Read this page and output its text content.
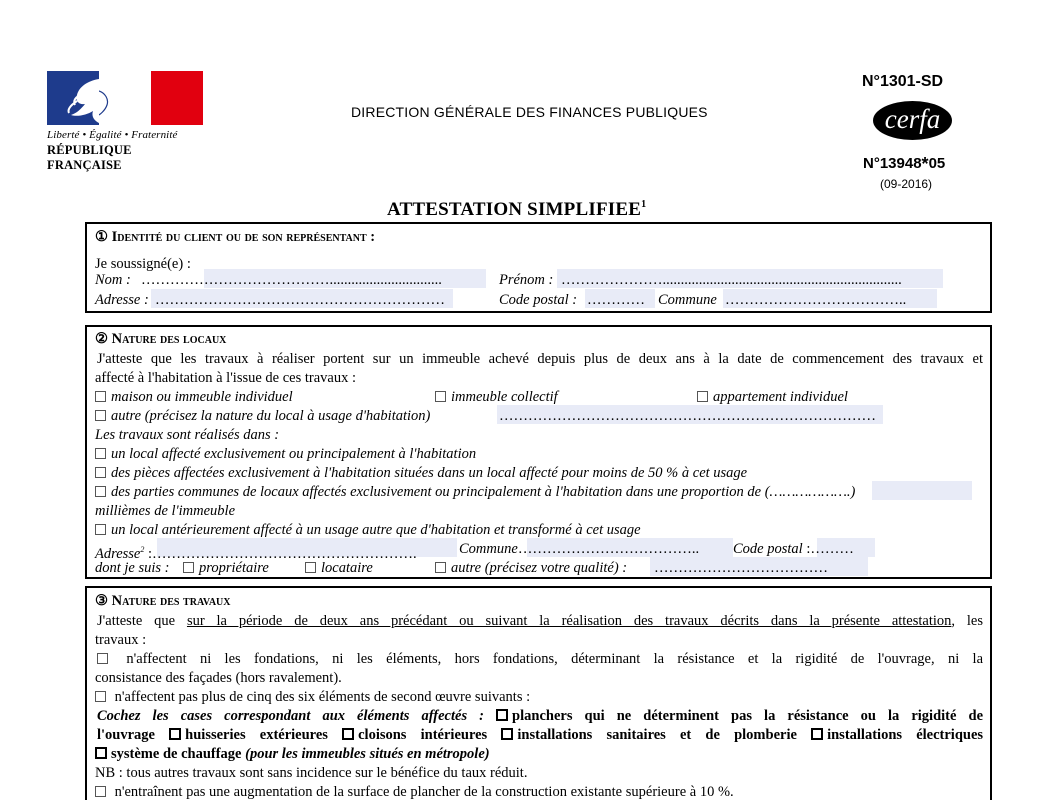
Liberté • Égalité • Fraternité
RÉPUBLIQUE FRANÇAISE
DIRECTION GÉNÉRALE DES FINANCES PUBLIQUES
N°1301-SD
cerfa
N°13948*05
(09-2016)
ATTESTATION SIMPLIFIEE$^1$
① Identité du client ou de son représentant :
Je soussigné(e) :
Nom : …………………………………...............................	Prénom : …………………..................................................................
Adresse : ……………………………………………………	Code postal : ………… Commune ………………………………..
② Nature des locaux
J'atteste que les travaux à réaliser portent sur un immeuble achevé depuis plus de deux ans à la date de commencement des travaux et
affecté à l'habitation à l'issue de ces travaux :
maison ou immeuble individuel	immeuble collectif	appartement individuel
autre (précisez la nature du local à usage d'habitation)	……………………………………………………………………
Les travaux sont réalisés dans :
un local affecté exclusivement ou principalement à l'habitation
des pièces affectées exclusivement à l'habitation situées dans un local affecté pour moins de 50 % à cet usage
des parties communes de locaux affectés exclusivement ou principalement à l'habitation dans une proportion de (……………….)
millièmes de l'immeuble
un local antérieurement affecté à un usage autre que d'habitation et transformé à cet usage
Adresse$^2$ :……………………………………………….	Commune……………………………….. Code postal :………
dont je suis :	propriétaire	locataire	autre (précisez votre qualité) : ………………………………
③ Nature des travaux
J'atteste que sur la période de deux ans précédant ou suivant la réalisation des travaux décrits dans la présente attestation, les
travaux :
n'affectent ni les fondations, ni les éléments, hors fondations, déterminant la résistance et la rigidité de l'ouvrage, ni la
consistance des façades (hors ravalement).
n'affectent pas plus de cinq des six éléments de second œuvre suivants :
Cochez les cases correspondant aux éléments affectés : planchers qui ne déterminent pas la résistance ou la rigidité de
l'ouvrage huisseries extérieures cloisons intérieures installations sanitaires et de plomberie installations électriques
système de chauffage (pour les immeubles situés en métropole)
NB : tous autres travaux sont sans incidence sur le bénéfice du taux réduit.
n'entraînent pas une augmentation de la surface de plancher de la construction existante supérieure à 10 %.
